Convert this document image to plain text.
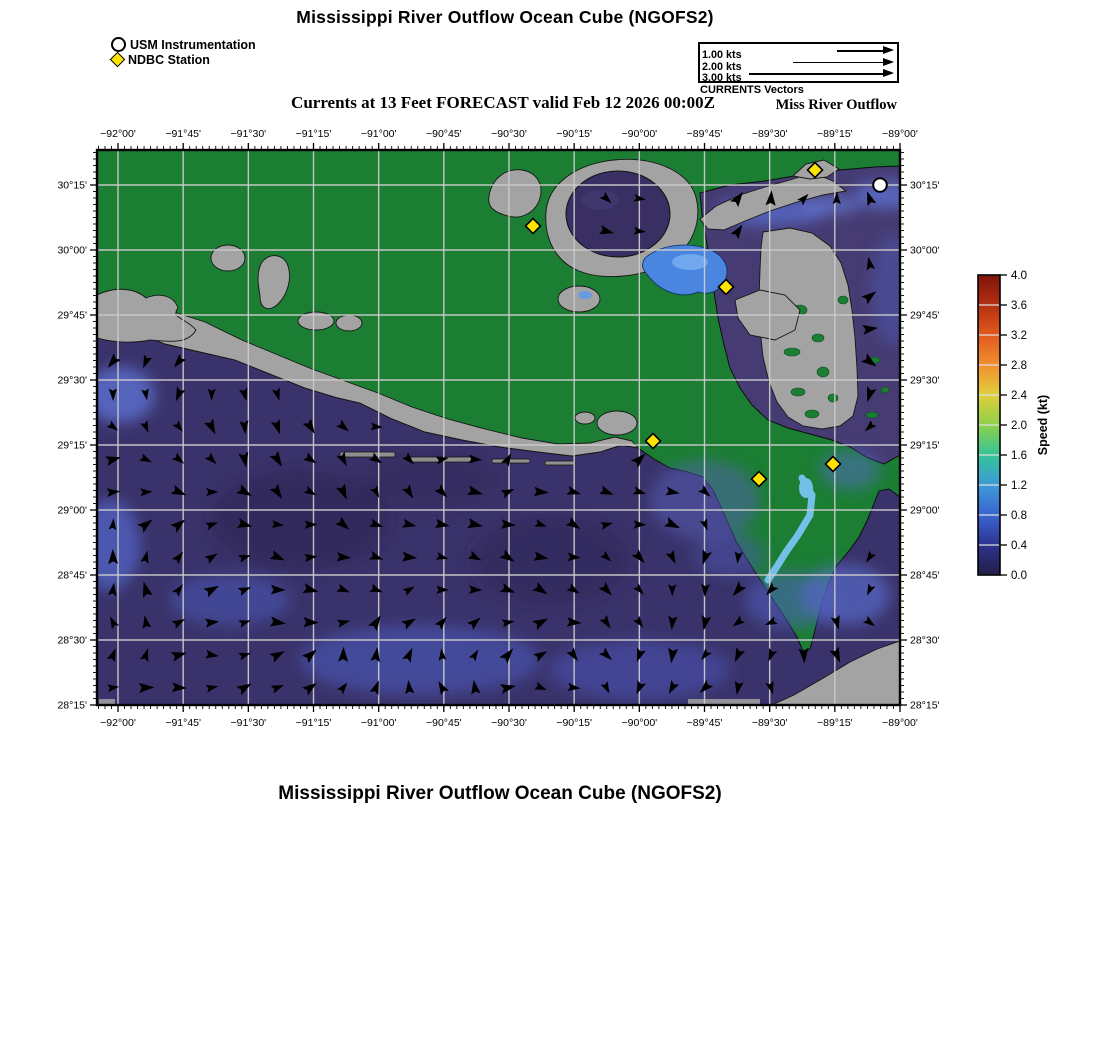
Mississippi River Outflow Ocean Cube (NGOFS2)
USM Instrumentation
NDBC Station	1.00 kts
2.00 kts
3.00 kts
CURRENTS Vectors
Currents at 13 Feet FORECAST valid Feb 12 2026 00:00Z	Miss River Outflow
−92°00'
−92°00'
−91°45'
−91°45'
−91°30'
−91°30'
−91°15'
−91°15'
−91°00'
−91°00'
−90°45'
−90°45'
−90°30'
−90°30'
−90°15'
−90°15'
−90°00'
−90°00'
−89°45'
−89°45'
−89°30'
−89°30'
−89°15'
−89°15'
−89°00'
−89°00'
30°15'	30°15'
30°00'	30°00'
29°45'	29°45'
29°30'	29°30'
29°15'	29°15'
29°00'	29°00'
28°45'	28°45'
28°30'	28°30'
28°15'	28°15'
0.0
0.4
0.8
1.2
1.6
2.0
2.4
2.8
3.2
3.6
4.0
Speed (kt)
Mississippi River Outflow Ocean Cube (NGOFS2)
